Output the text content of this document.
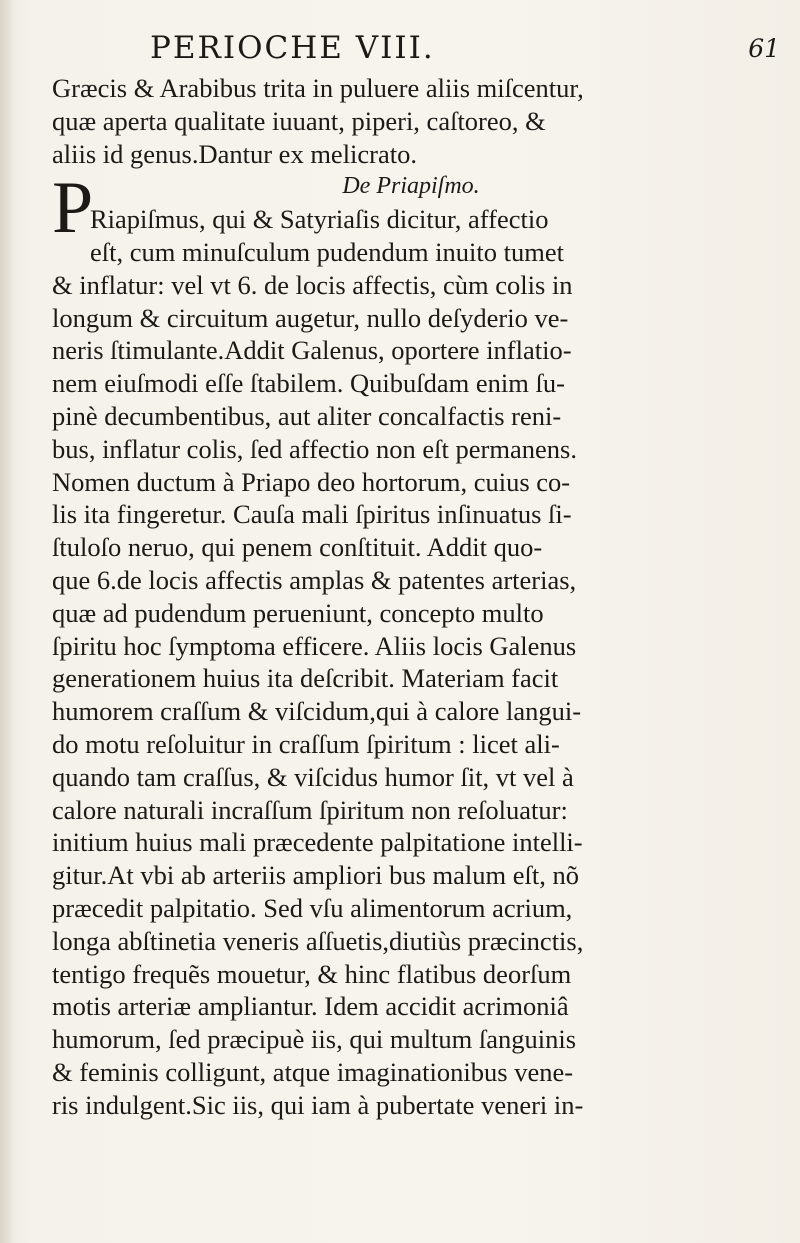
PERIOCHE VIII.	61
P
Græcis & Arabibus trita in puluere aliis miſcentur,
quæ aperta qualitate iuuant, piperi, caſtoreo, &
aliis id genus.Dantur ex melicrato.
De Priapiſmo.
Riapiſmus, qui & Satyriaſis dicitur, affectio
eſt, cum minuſculum pudendum inuito tumet
& inflatur: vel vt 6. de locis affectis, cùm colis in
longum & circuitum augetur, nullo deſyderio ve-
neris ſtimulante.Addit Galenus, oportere inflatio-
nem eiuſmodi eſſe ſtabilem. Quibuſdam enim ſu-
pinè decumbentibus, aut aliter concalfactis reni-
bus, inflatur colis, ſed affectio non eſt permanens.
Nomen ductum à Priapo deo hortorum, cuius co-
lis ita fingeretur. Cauſa mali ſpiritus inſinuatus ſi-
ſtuloſo neruo, qui penem conſtituit. Addit quo-
que 6.de locis affectis amplas & patentes arterias,
quæ ad pudendum perueniunt, concepto multo
ſpiritu hoc ſymptoma efficere. Aliis locis Galenus
generationem huius ita deſcribit. Materiam facit
humorem craſſum & viſcidum,qui à calore langui-
do motu reſoluitur in craſſum ſpiritum : licet ali-
quando tam craſſus, & viſcidus humor ſit, vt vel à
calore naturali incraſſum ſpiritum non reſoluatur:
initium huius mali præcedente palpitatione intelli-
gitur.At vbi ab arteriis ampliori bus malum eſt, nõ
præcedit palpitatio. Sed vſu alimentorum acrium,
longa abſtinetia veneris aſſuetis,diutiùs præcinctis,
tentigo frequẽs mouetur, & hinc flatibus deorſum
motis arteriæ ampliantur. Idem accidit acrimoniâ
humorum, ſed præcipuè iis, qui multum ſanguinis
& feminis colligunt, atque imaginationibus vene-
ris indulgent.Sic iis, qui iam à pubertate veneri in-
